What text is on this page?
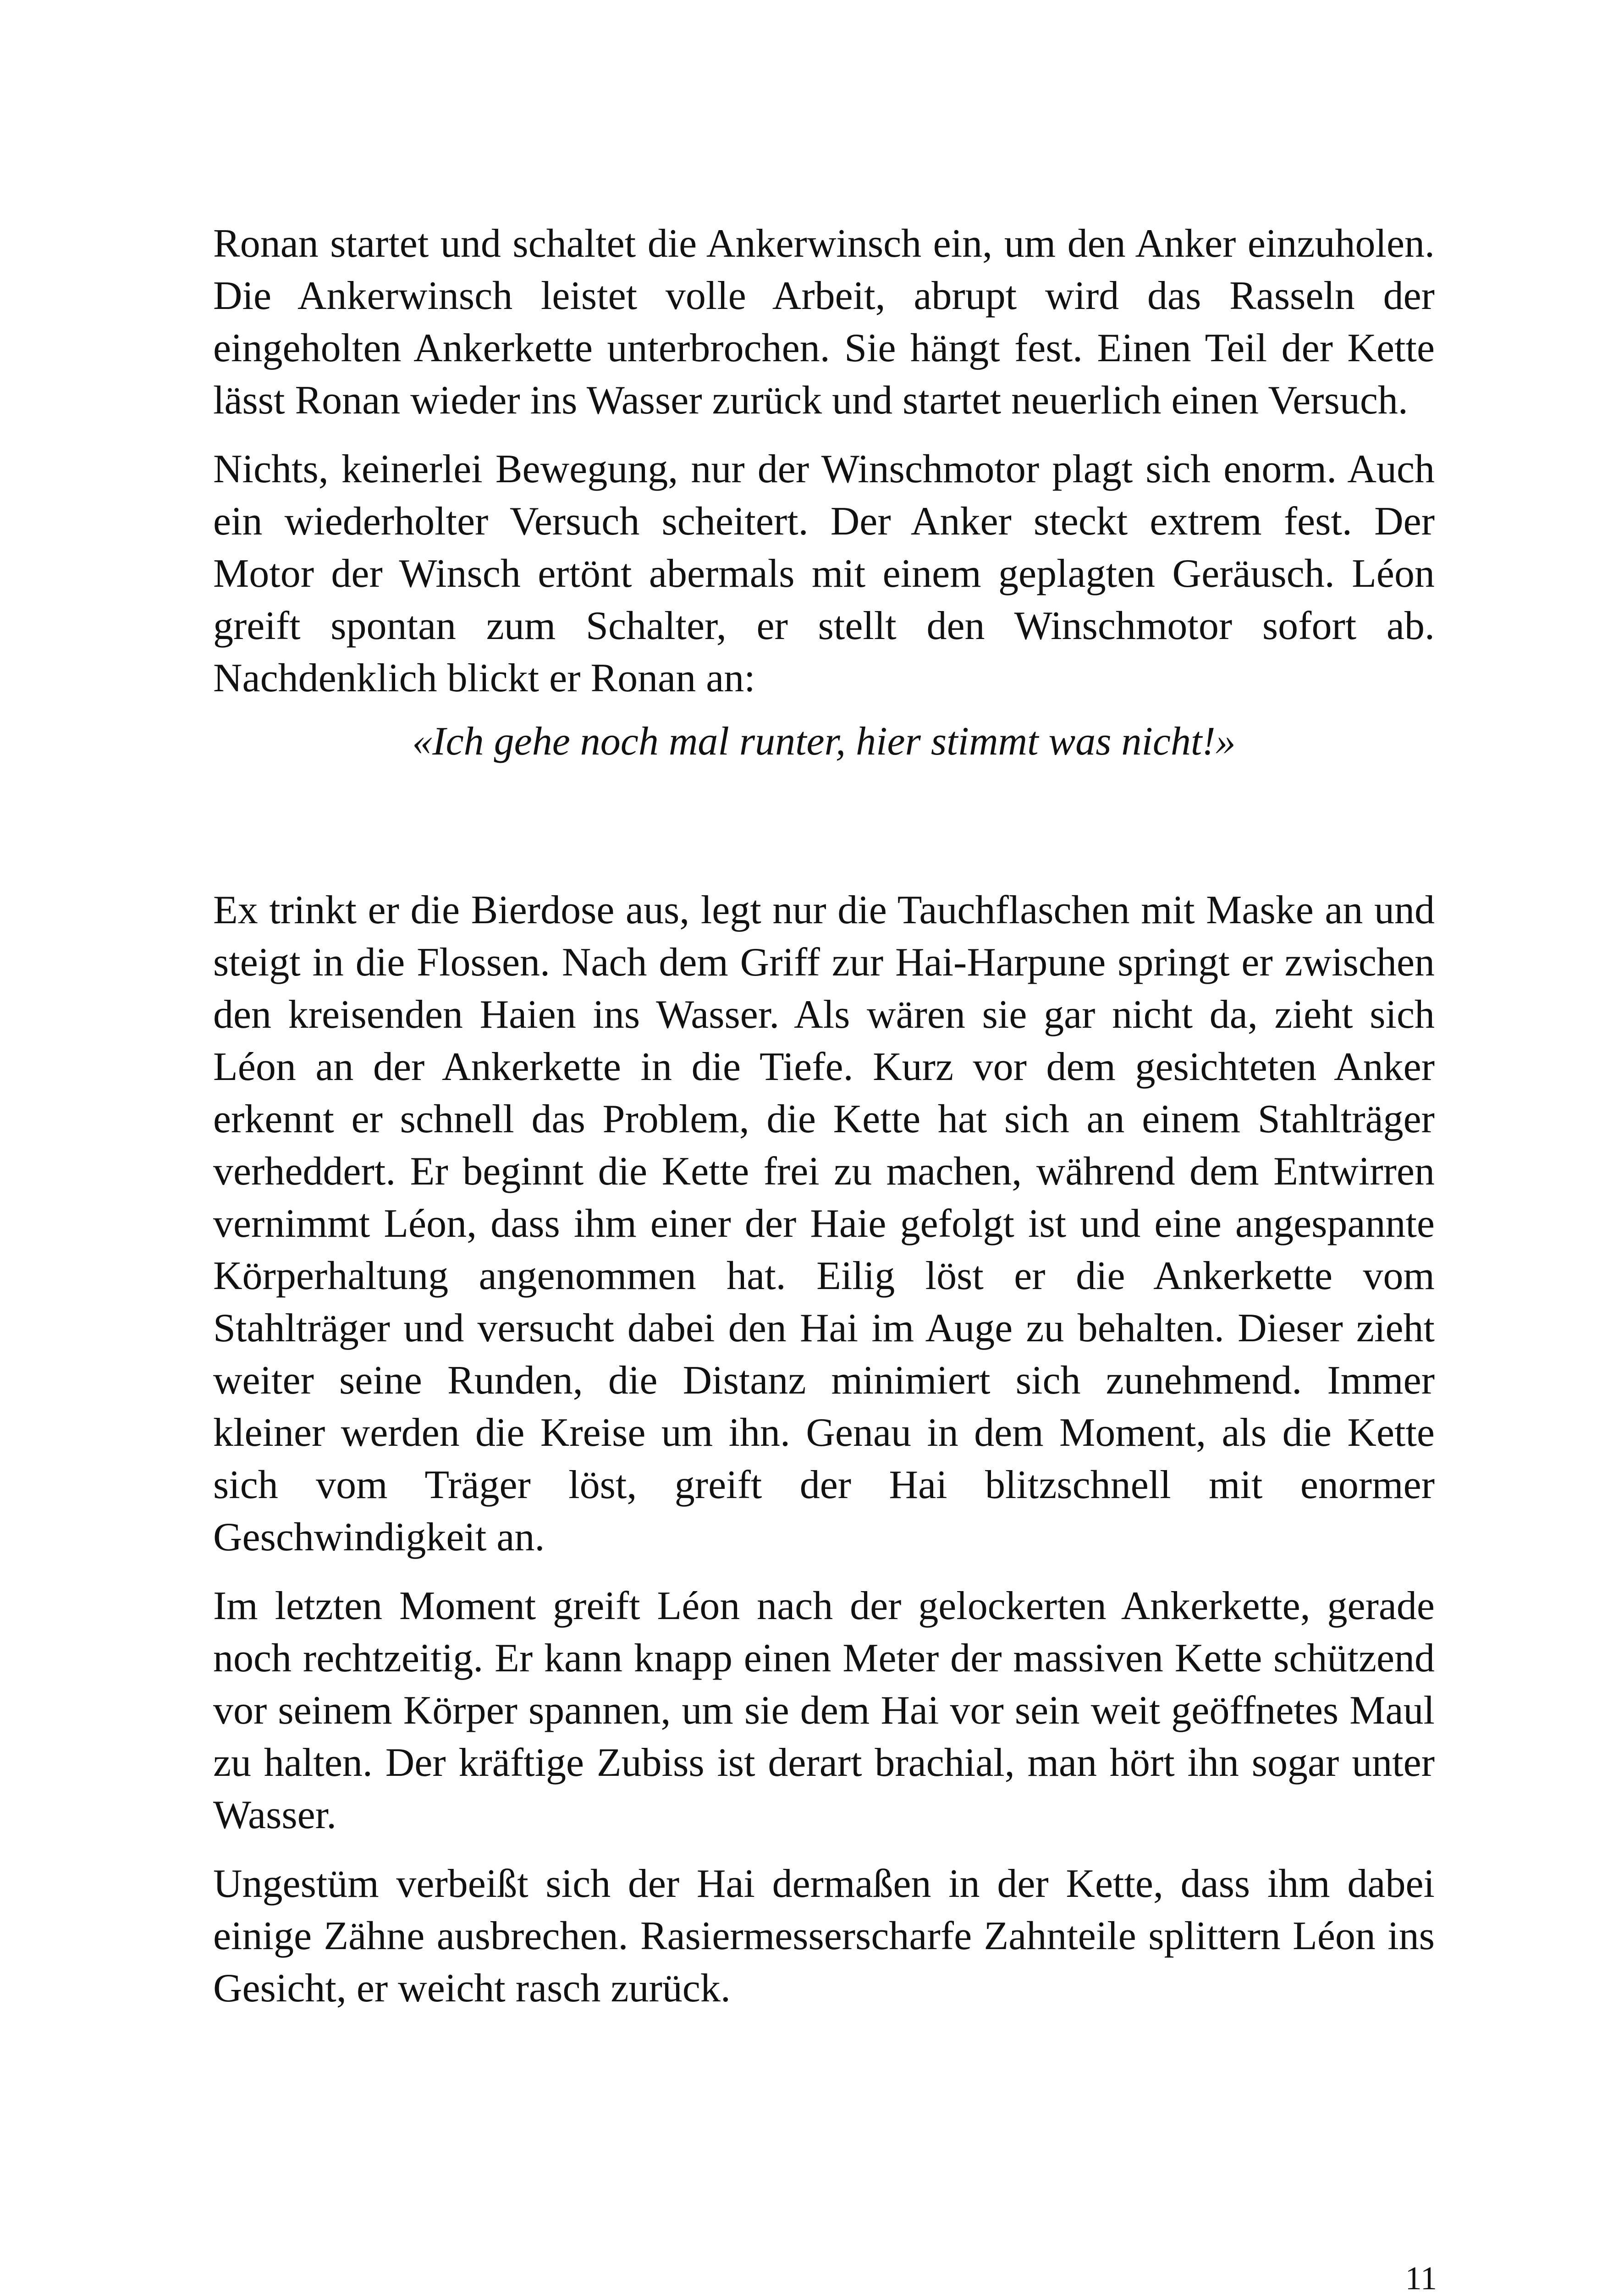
Ronan startet und schaltet die Ankerwinsch ein, um den Anker einzuholen. Die Ankerwinsch leistet volle Arbeit, abrupt wird das Rasseln der eingeholten Ankerkette unterbrochen. Sie hängt fest. Einen Teil der Kette lässt Ronan wieder ins Wasser zurück und startet neuerlich einen Versuch.

Nichts, keinerlei Bewegung, nur der Winschmotor plagt sich enorm. Auch ein wiederholter Versuch scheitert. Der Anker steckt extrem fest. Der Motor der Winsch ertönt abermals mit einem geplagten Geräusch. Léon greift spontan zum Schalter, er stellt den Winschmotor sofort ab. Nachdenklich blickt er Ronan an:

«Ich gehe noch mal runter, hier stimmt was nicht!»

Ex trinkt er die Bierdose aus, legt nur die Tauchflaschen mit Maske an und steigt in die Flossen. Nach dem Griff zur Hai-Harpune springt er zwischen den kreisenden Haien ins Wasser. Als wären sie gar nicht da, zieht sich Léon an der Ankerkette in die Tiefe. Kurz vor dem gesichteten Anker erkennt er schnell das Problem, die Kette hat sich an einem Stahlträger verheddert. Er beginnt die Kette frei zu machen, während dem Entwirren vernimmt Léon, dass ihm einer der Haie gefolgt ist und eine angespannte Körperhaltung angenommen hat. Eilig löst er die Ankerkette vom Stahlträger und versucht dabei den Hai im Auge zu behalten. Dieser zieht weiter seine Runden, die Distanz minimiert sich zunehmend. Immer kleiner werden die Kreise um ihn. Genau in dem Moment, als die Kette sich vom Träger löst, greift der Hai blitzschnell mit enormer Geschwindigkeit an.

Im letzten Moment greift Léon nach der gelockerten Ankerkette, gerade noch rechtzeitig. Er kann knapp einen Meter der massiven Kette schützend vor seinem Körper spannen, um sie dem Hai vor sein weit geöffnetes Maul zu halten. Der kräftige Zubiss ist derart brachial, man hört ihn sogar unter Wasser.

Ungestüm verbeißt sich der Hai dermaßen in der Kette, dass ihm dabei einige Zähne ausbrechen. Rasiermesserscharfe Zahnteile splittern Léon ins Gesicht, er weicht rasch zurück.

11
